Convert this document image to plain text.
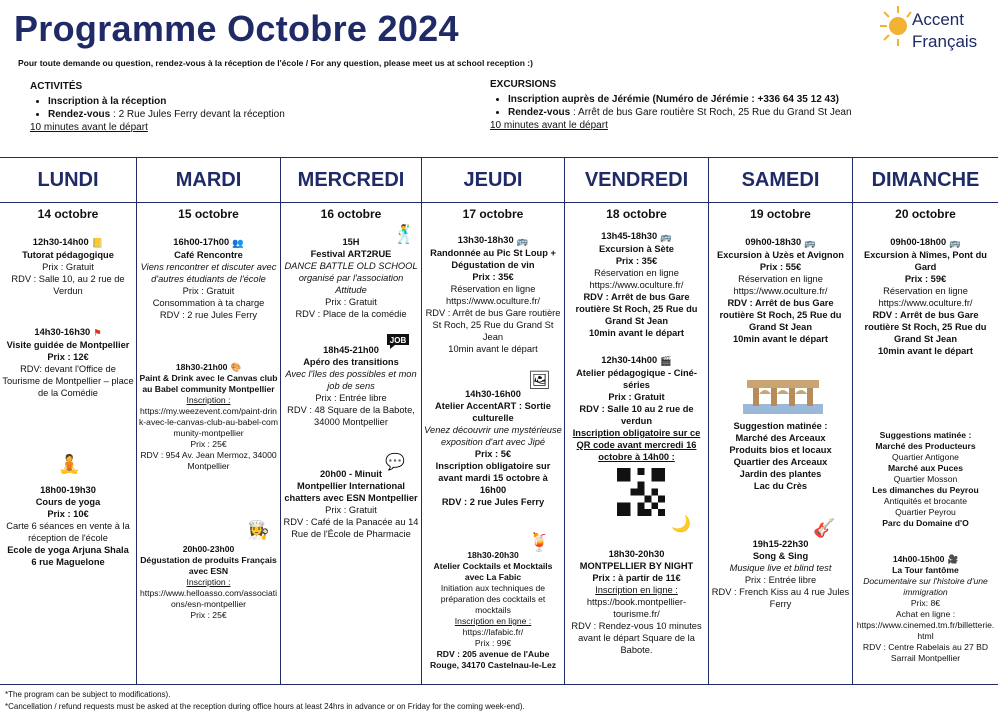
Programme Octobre 2024	Accent
Français
Pour toute demande ou question, rendez-vous à la réception de l'école / For any question, please meet us at school reception :)
ACTIVITÉS
• Inscription à la réception
• Rendez-vous : 2 Rue Jules Ferry devant la réception
10 minutes avant le départ
EXCURSIONS
• Inscription auprès de Jérémie (Numéro de Jérémie : +336 64 35 12 43)
• Rendez-vous : Arrêt de bus Gare routière St Roch, 25 Rue du Grand St Jean
10 minutes avant le départ
LUNDI
14 octobre
12h30-14h00 📒
Tutorat pédagogique
Prix : Gratuit
RDV : Salle 10, au 2 rue de Verdun
14h30-16h30 ⚑
Visite guidée de Montpellier
Prix : 12€
RDV: devant l'Office de Tourisme de Montpellier – place de la Comédie
🧘
18h00-19h30
Cours de yoga
Prix : 10€
Carte 6 séances en vente à la réception de l'école
Ecole de yoga Arjuna Shala
6 rue Maguelone
MARDI
15 octobre
16h00-17h00 👥
Café Rencontre
Viens rencontrer et discuter avec d'autres étudiants de l'école
Prix : Gratuit
Consommation à ta charge
RDV : 2 rue Jules Ferry
18h30-21h00 🎨
Paint & Drink avec le Canvas club au Babel community Montpellier
Inscription :
https://my.weezevent.com/paint-drink-avec-le-canvas-club-au-babel-community-montpellier
Prix : 25€
RDV : 954 Av. Jean Mermoz, 34000 Montpellier
👩‍🍳
20h00-23h00
Dégustation de produits Français avec ESN
Inscription :
https://www.helloasso.com/associations/esn-montpellier
Prix : 25€
MERCREDI
16 octobre
🕺
15H
Festival ART2RUE
DANCE BATTLE OLD SCHOOL organisé par l'association Attitude
Prix : Gratuit
RDV : Place de la comédie
JOB
18h45-21h00
Apéro des transitions
Avec l'îles des possibles et mon job de sens
Prix : Entrée libre
RDV : 48 Square de la Babote, 34000 Montpellier
💬
20h00 - Minuit
Montpellier International chatters avec ESN Montpellier
Prix : Gratuit
RDV : Café de la Panacée au 14 Rue de l'École de Pharmacie
JEUDI
17 octobre
13h30-18h30 🚌
Randonnée au Pic St Loup + Dégustation de vin
Prix : 35€
Réservation en ligne
https://www.oculture.fr/
RDV : Arrêt de bus Gare routière St Roch, 25 Rue du Grand St Jean
10min avant le départ
🖼
14h30-16h00
Atelier AccentART : Sortie culturelle
Venez découvrir une mystérieuse exposition d'art avec Jipé
Prix : 5€
Inscription obligatoire sur avant mardi 15 octobre à 16h00
RDV : 2 rue Jules Ferry
🍹
18h30-20h30
Atelier Cocktails et Mocktails avec La Fabic
Initiation aux techniques de préparation des cocktails et mocktails
Inscription en ligne :
https://lafabic.fr/
Prix : 99€
RDV : 205 avenue de l'Aube Rouge, 34170 Castelnau-le-Lez
VENDREDI
18 octobre
13h45-18h30 🚌
Excursion à Sète
Prix : 35€
Réservation en ligne
https://www.oculture.fr/
RDV : Arrêt de bus Gare routière St Roch, 25 Rue du Grand St Jean
10min avant le départ
12h30-14h00 🎬
Atelier pédagogique - Ciné-séries
Prix : Gratuit
RDV : Salle 10 au 2 rue de verdun
Inscription obligatoire sur ce QR code avant mercredi 16 octobre à 14h00 :
🌙
18h30-20h30
MONTPELLIER BY NIGHT
Prix : à partir de 11€
Inscription en ligne :
https://book.montpellier-tourisme.fr/
RDV : Rendez-vous 10 minutes avant le départ Square de la Babote.
SAMEDI
19 octobre
09h00-18h30 🚌
Excursion à Uzès et Avignon
Prix : 55€
Réservation en ligne
https://www.oculture.fr/
RDV : Arrêt de bus Gare routière St Roch, 25 Rue du Grand St Jean
10min avant le départ
Suggestion matinée :
Marché des Arceaux
Produits bios et locaux
Quartier des Arceaux
Jardin des plantes
Lac du Crès
🎸
19h15-22h30
Song & Sing
Musique live et blind test
Prix : Entrée libre
RDV : French Kiss au 4 rue Jules Ferry
DIMANCHE
20 octobre
09h00-18h00 🚌
Excursion à Nîmes, Pont du Gard
Prix : 59€
Réservation en ligne
https://www.oculture.fr/
RDV : Arrêt de bus Gare routière St Roch, 25 Rue du Grand St Jean
10min avant le départ
Suggestions matinée :
Marché des Producteurs
Quartier Antigone
Marché aux Puces
Quartier Mosson
Les dimanches du Peyrou
Antiquités et brocante
Quartier Peyrou
Parc du Domaine d'O
14h00-15h00 🎥
La Tour fantôme
Documentaire sur l'histoire d'une immigration
Prix: 8€
Achat en ligne :
https://www.cinemed.tm.fr/billetterie.html
RDV : Centre Rabelais au 27 BD Sarrail Montpellier
*The program can be subject to modifications).
*Cancellation / refund requests must be asked at the reception during office hours at least 24hrs in advance or on Friday for the coming week-end).
